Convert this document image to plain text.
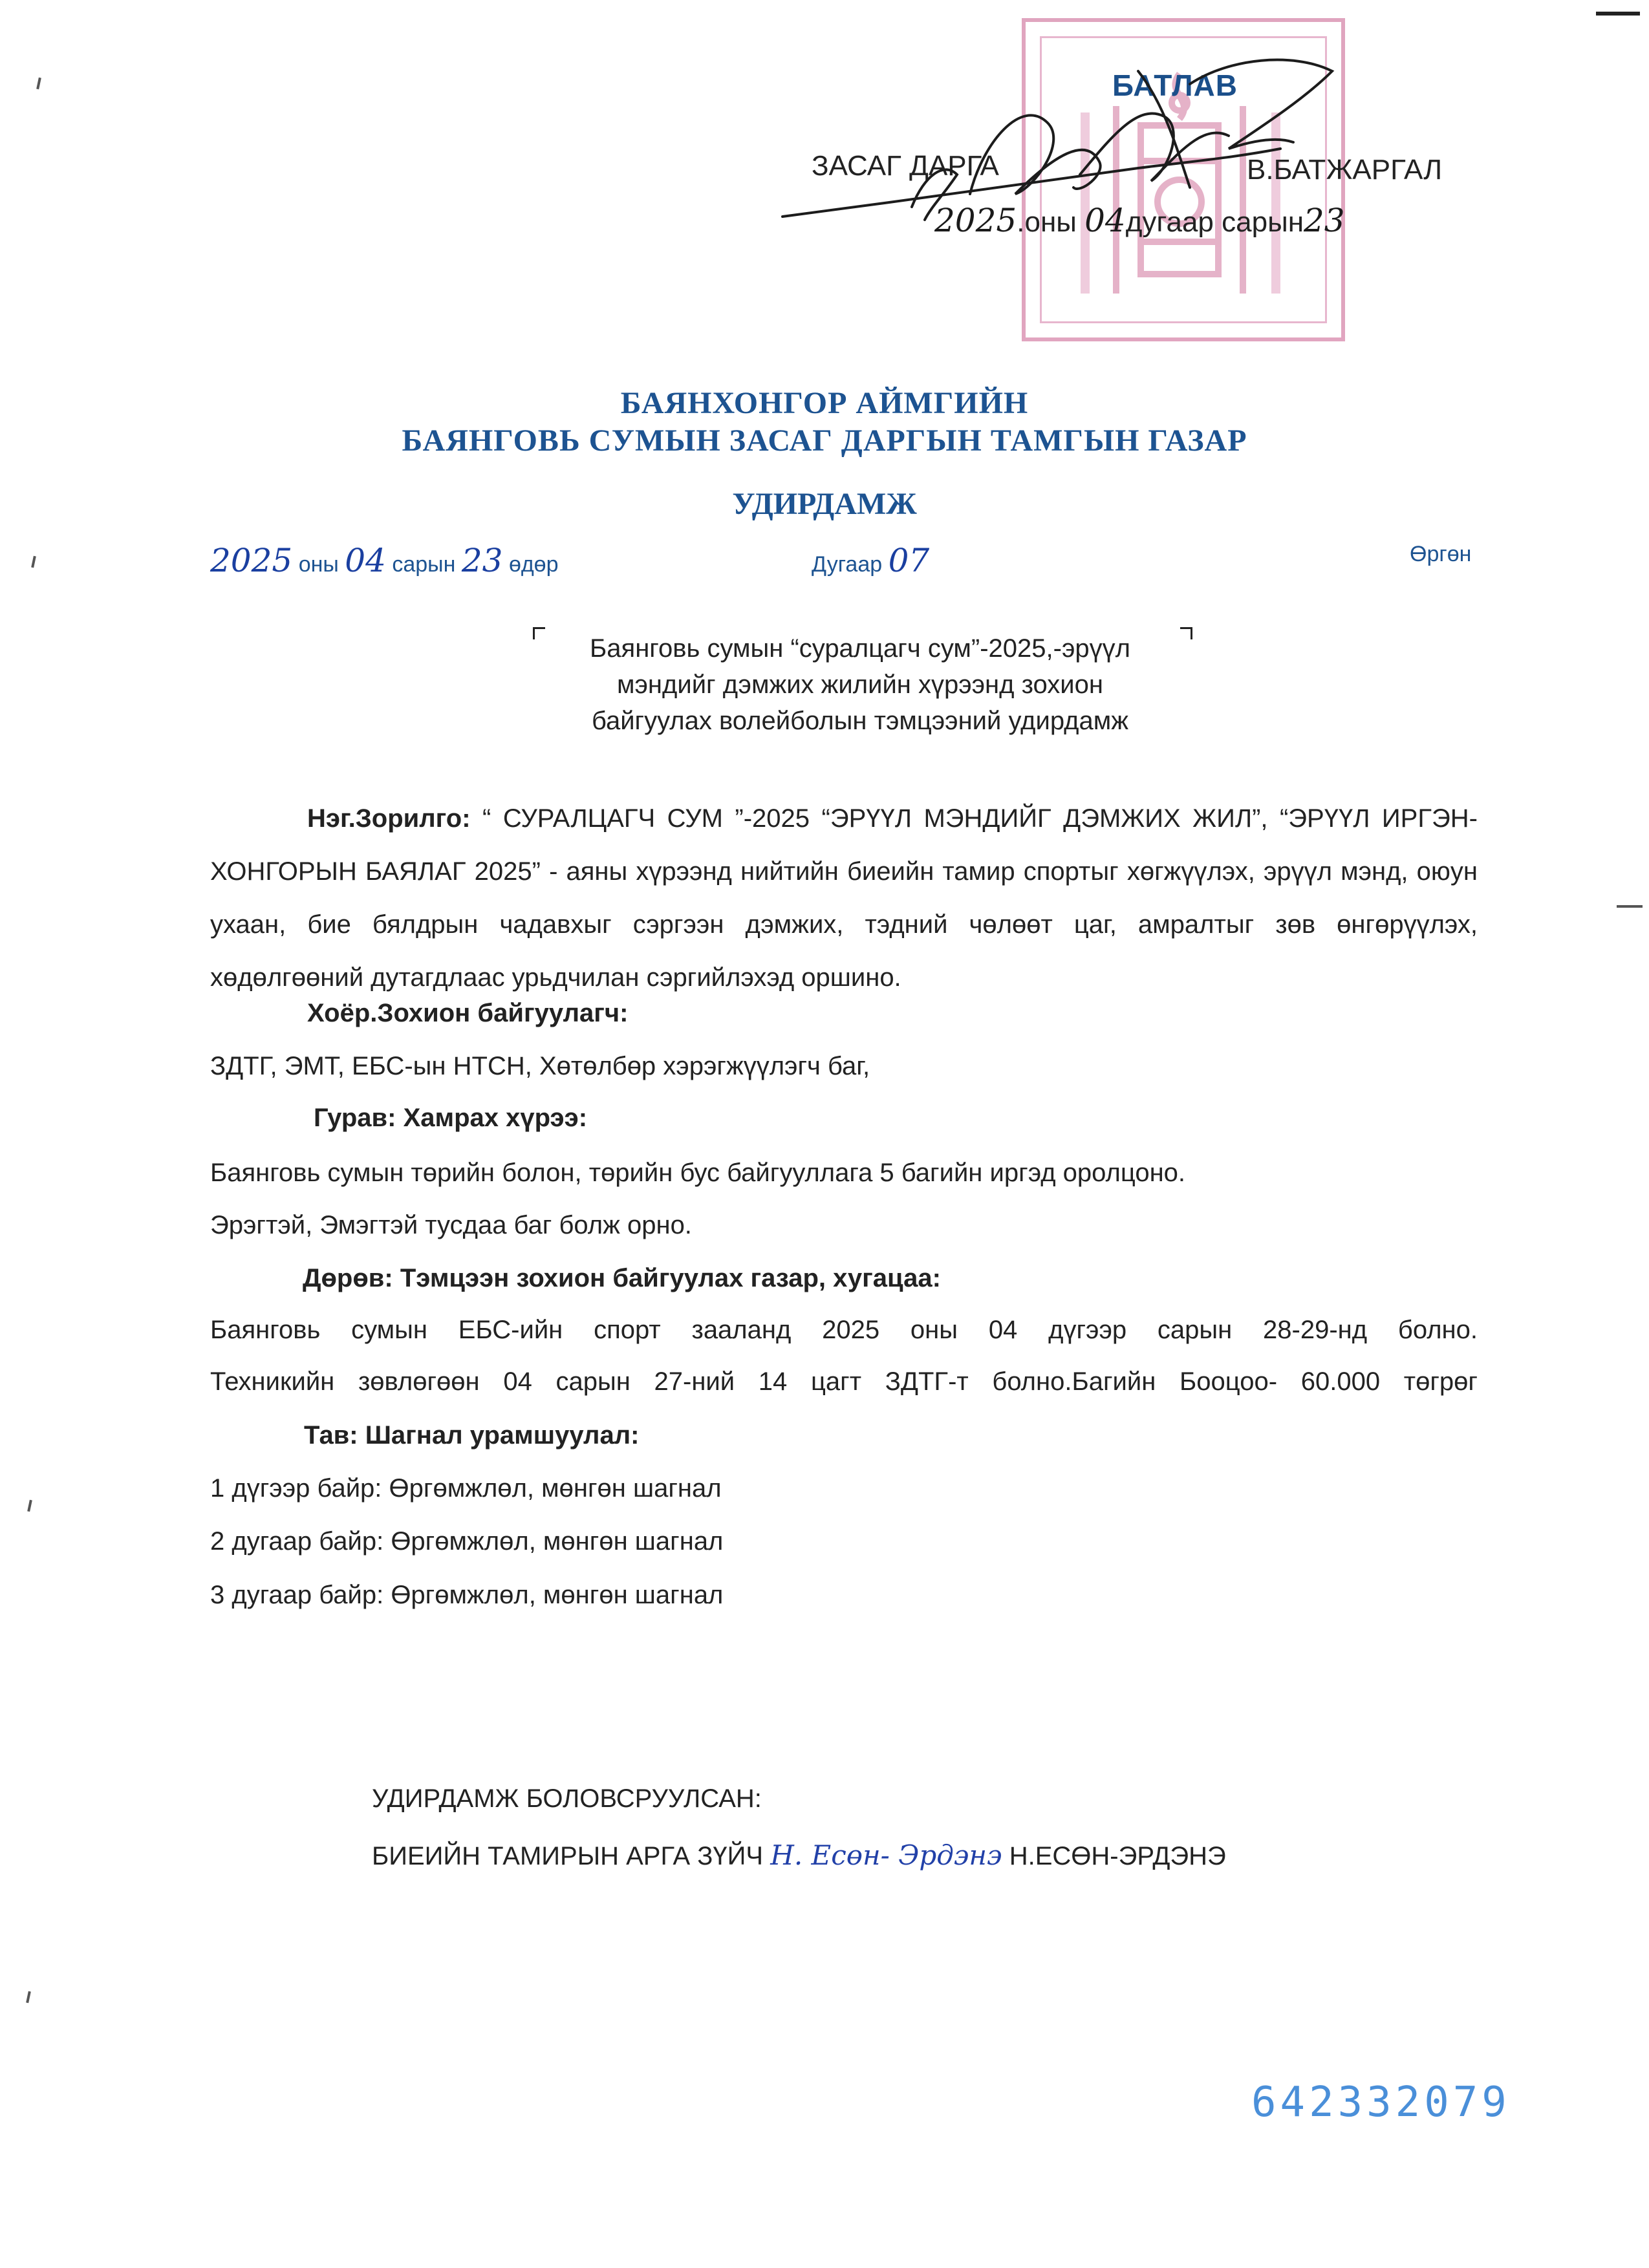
БАТЛАВ
ЗАСАГ ДАРГА	В.БАТЖАРГАЛ
2025.оны 04дугаар сарын23
БАЯНХОНГОР АЙМГИЙН
БАЯНГОВЬ СУМЫН ЗАСАГ ДАРГЫН ТАМГЫН ГАЗАР
УДИРДАМЖ
2025 оны 04 сарын 23 өдөр	Дугаар 07	Өргөн
Баянговь сумын “суралцагч сум”-2025,-эрүүл
мэндийг дэмжих жилийн хүрээнд зохион
байгуулах волейболын тэмцээний удирдамж
Нэг.Зорилго: “ СУРАЛЦАГЧ СУМ ”-2025 “ЭРҮҮЛ МЭНДИЙГ ДЭМЖИХ ЖИЛ”, “ЭРҮҮЛ ИРГЭН-ХОНГОРЫН БАЯЛАГ 2025” - аяны хүрээнд нийтийн биеийн тамир спортыг хөгжүүлэх, эрүүл мэнд, оюун ухаан, бие бялдрын чадавхыг сэргээн дэмжих, тэдний чөлөөт цаг, амралтыг зөв өнгөрүүлэх, хөдөлгөөний дутагдлаас урьдчилан сэргийлэхэд оршино.
Хоёр.Зохион байгуулагч:
ЗДТГ, ЭМТ, ЕБС-ын НТСН, Хөтөлбөр хэрэгжүүлэгч баг,
Гурав: Хамрах хүрээ:
Баянговь сумын төрийн болон, төрийн бус байгууллага 5 багийн иргэд оролцоно.
Эрэгтэй, Эмэгтэй тусдаа баг болж орно.
Дөрөв: Тэмцээн зохион байгуулах газар, хугацаа:
Баянговь сумын ЕБС-ийн спорт зааланд 2025 оны 04 дүгээр сарын 28-29-нд болно.
Техникийн зөвлөгөөн 04 сарын 27-ний 14 цагт ЗДТГ-т болно.Багийн Бооцоо- 60.000 төгрөг
Тав: Шагнал урамшуулал:
1 дүгээр байр: Өргөмжлөл, мөнгөн шагнал
2 дугаар байр: Өргөмжлөл, мөнгөн шагнал
3 дугаар байр: Өргөмжлөл, мөнгөн шагнал
УДИРДАМЖ БОЛОВСРУУЛСАН:
БИЕИЙН ТАМИРЫН АРГА ЗҮЙЧ Н. Есөн- Эрдэнэ Н.ЕСӨН-ЭРДЭНЭ
642332079
